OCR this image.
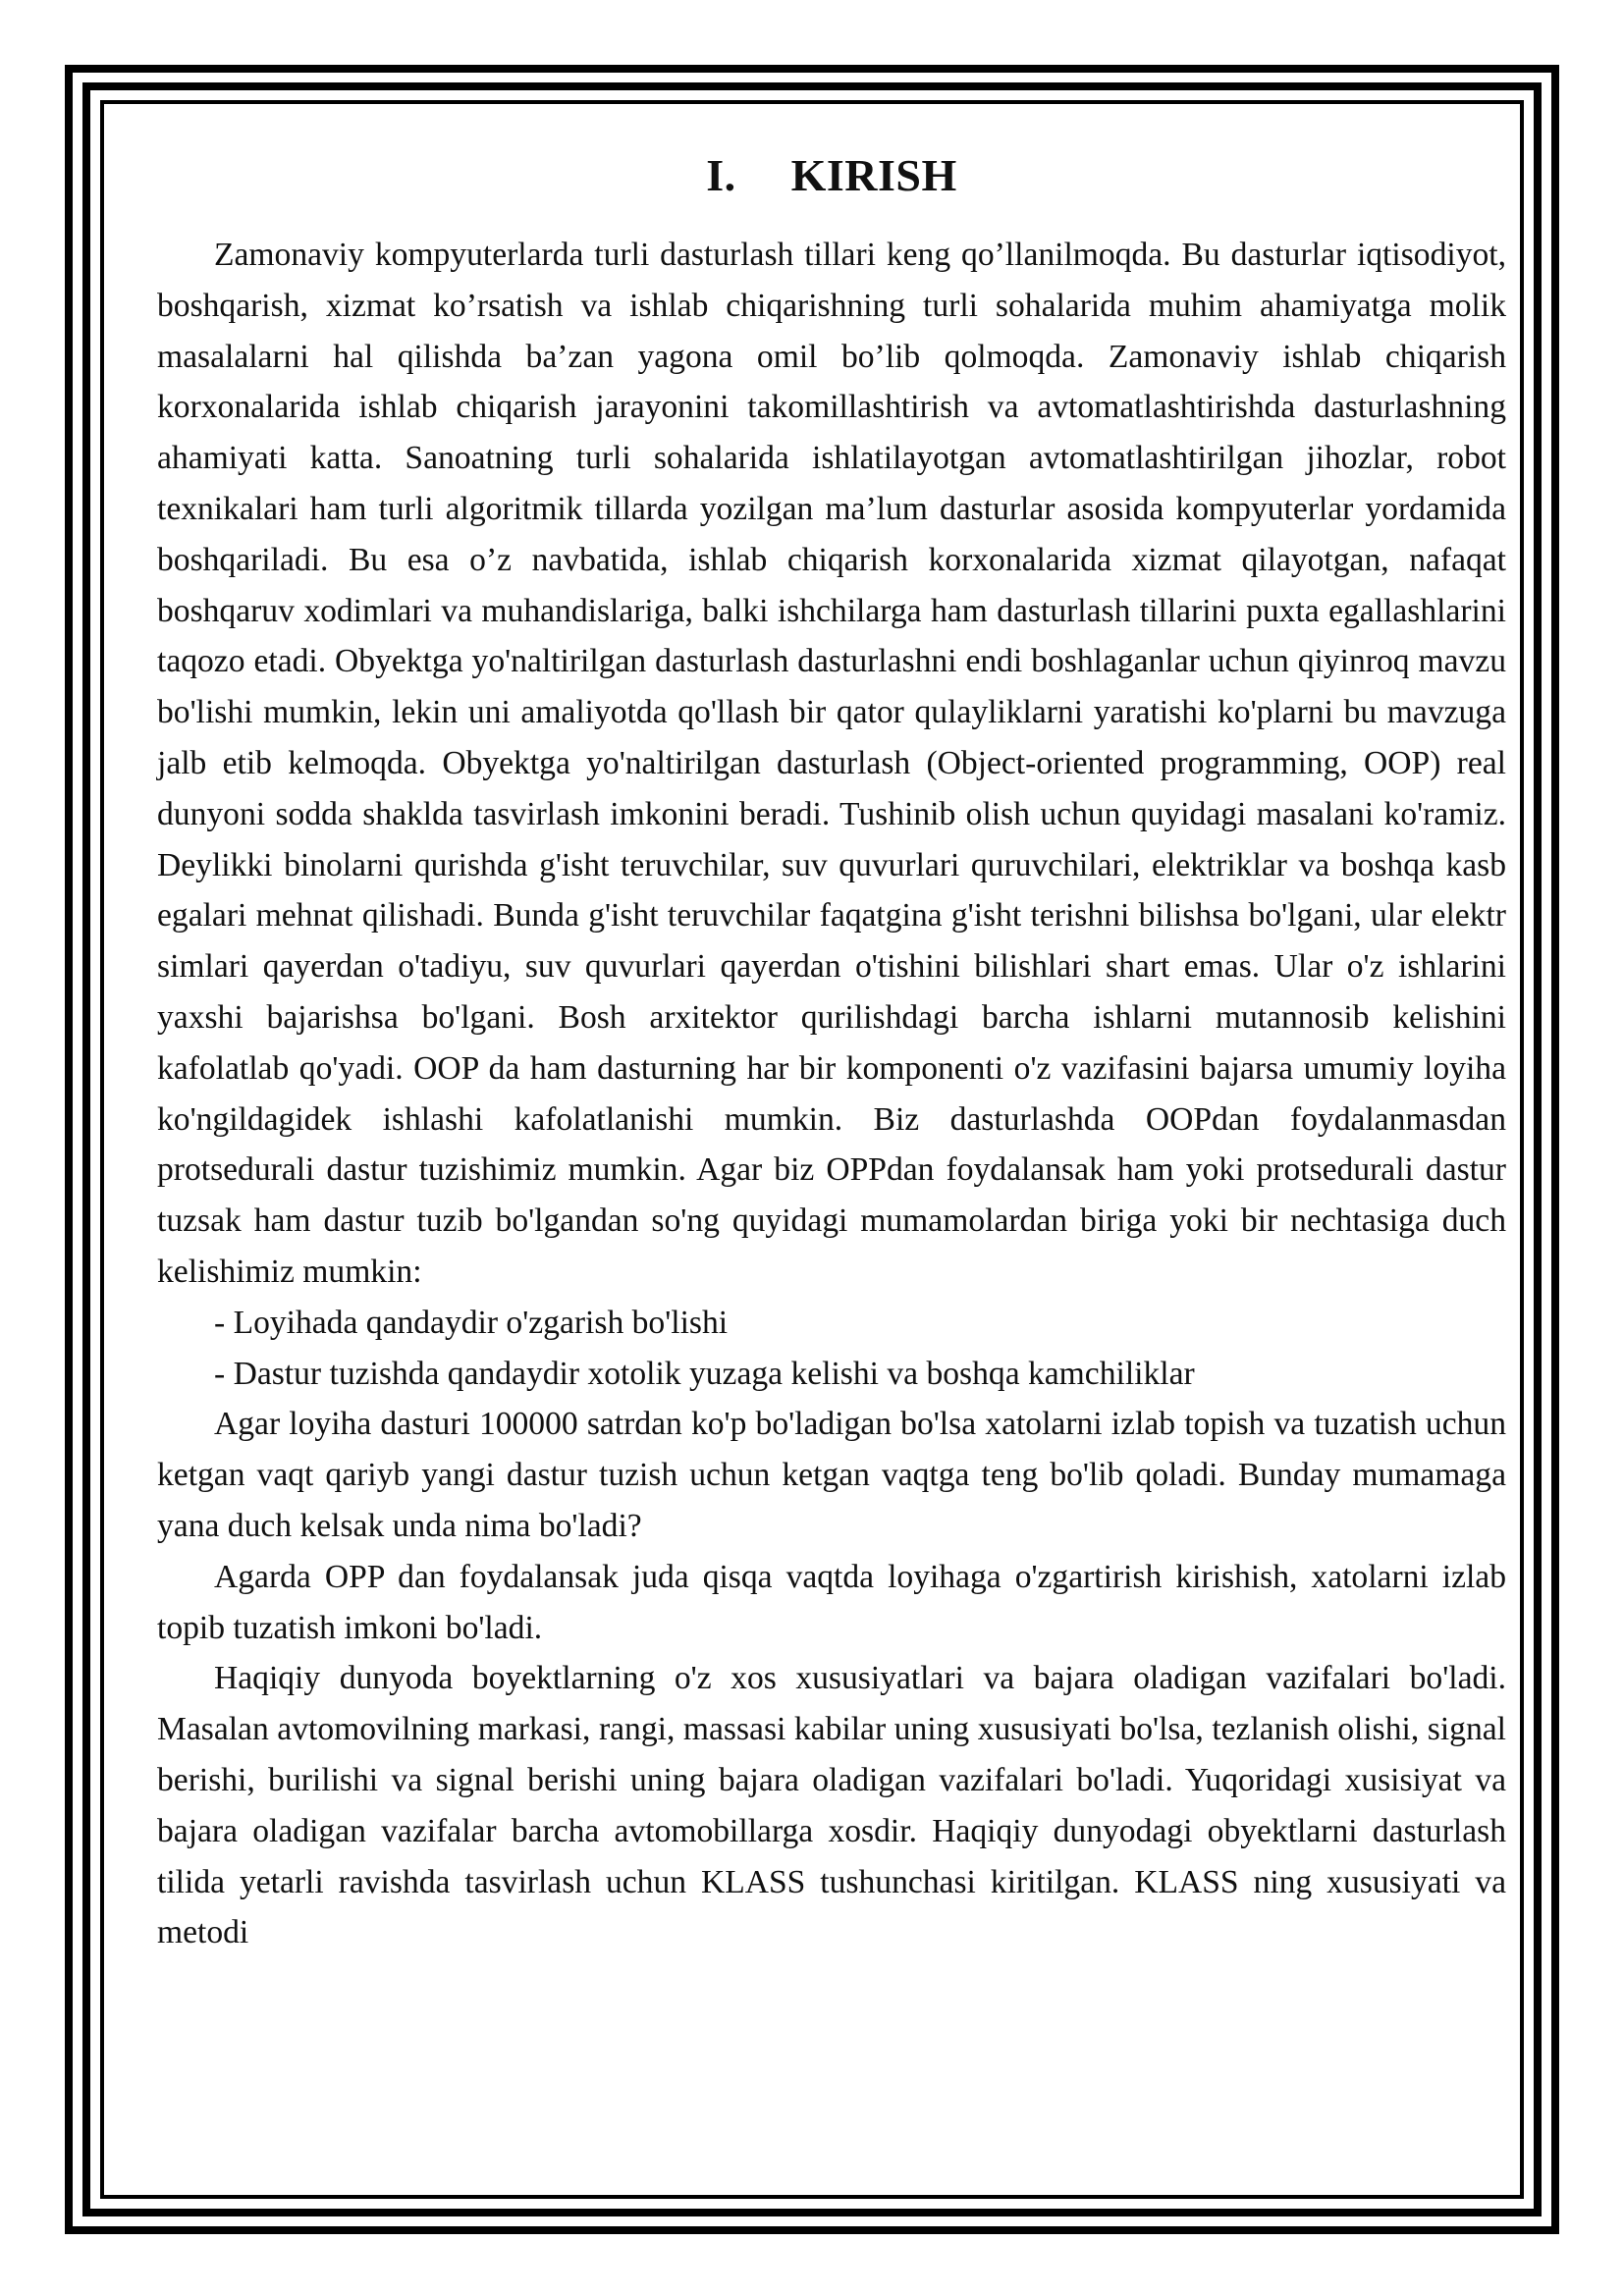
I. KIRISH

Zamonaviy kompyuterlarda turli dasturlash tillari keng qo’llanilmoqda. Bu dasturlar iqtisodiyot, boshqarish, xizmat ko’rsatish va ishlab chiqarishning turli sohalarida muhim ahamiyatga molik masalalarni hal qilishda ba’zan yagona omil bo’lib qolmoqda. Zamonaviy ishlab chiqarish korxonalarida ishlab chiqarish jarayonini takomillashtirish va avtomatlashtirishda dasturlashning ahamiyati katta. Sanoatning turli sohalarida ishlatilayotgan avtomatlashtirilgan jihozlar, robot texnikalari ham turli algoritmik tillarda yozilgan ma’lum dasturlar asosida kompyuterlar yordamida boshqariladi. Bu esa o’z navbatida, ishlab chiqarish korxonalarida xizmat qilayotgan, nafaqat boshqaruv xodimlari va muhandislariga, balki ishchilarga ham dasturlash tillarini puxta egallashlarini taqozo etadi. Obyektga yo'naltirilgan dasturlash dasturlashni endi boshlaganlar uchun qiyinroq mavzu bo'lishi mumkin, lekin uni amaliyotda qo'llash bir qator qulayliklarni yaratishi ko'plarni bu mavzuga jalb etib kelmoqda. Obyektga yo'naltirilgan dasturlash (Object-oriented programming, OOP) real dunyoni sodda shaklda tasvirlash imkonini beradi. Tushinib olish uchun quyidagi masalani ko'ramiz. Deylikki binolarni qurishda g'isht teruvchilar, suv quvurlari quruvchilari, elektriklar va boshqa kasb egalari mehnat qilishadi. Bunda g'isht teruvchilar faqatgina g'isht terishni bilishsa bo'lgani, ular elektr simlari qayerdan o'tadiyu, suv quvurlari qayerdan o'tishini bilishlari shart emas. Ular o'z ishlarini yaxshi bajarishsa bo'lgani. Bosh arxitektor qurilishdagi barcha ishlarni mutannosib kelishini kafolatlab qo'yadi. OOP da ham dasturning har bir komponenti o'z vazifasini bajarsa umumiy loyiha ko'ngildagidek ishlashi kafolatlanishi mumkin. Biz dasturlashda OOPdan foydalanmasdan protsedurali dastur tuzishimiz mumkin. Agar biz OPPdan foydalansak ham yoki protsedurali dastur tuzsak ham dastur tuzib bo'lgandan so'ng quyidagi mumamolardan biriga yoki bir nechtasiga duch kelishimiz mumkin:

- Loyihada qandaydir o'zgarish bo'lishi

- Dastur tuzishda qandaydir xotolik yuzaga kelishi va boshqa kamchiliklar

Agar loyiha dasturi 100000 satrdan ko'p bo'ladigan bo'lsa xatolarni izlab topish va tuzatish uchun ketgan vaqt qariyb yangi dastur tuzish uchun ketgan vaqtga teng bo'lib qoladi. Bunday mumamaga yana duch kelsak unda nima bo'ladi?

Agarda OPP dan foydalansak juda qisqa vaqtda loyihaga o'zgartirish kirishish, xatolarni izlab topib tuzatish imkoni bo'ladi.

Haqiqiy dunyoda boyektlarning o'z xos xususiyatlari va bajara oladigan vazifalari bo'ladi. Masalan avtomovilning markasi, rangi, massasi kabilar uning xususiyati bo'lsa, tezlanish olishi, signal berishi, burilishi va signal berishi uning bajara oladigan vazifalari bo'ladi. Yuqoridagi xusisiyat va bajara oladigan vazifalar barcha avtomobillarga xosdir. Haqiqiy dunyodagi obyektlarni dasturlash tilida yetarli ravishda tasvirlash uchun KLASS tushunchasi kiritilgan. KLASS ning xususiyati va metodi
